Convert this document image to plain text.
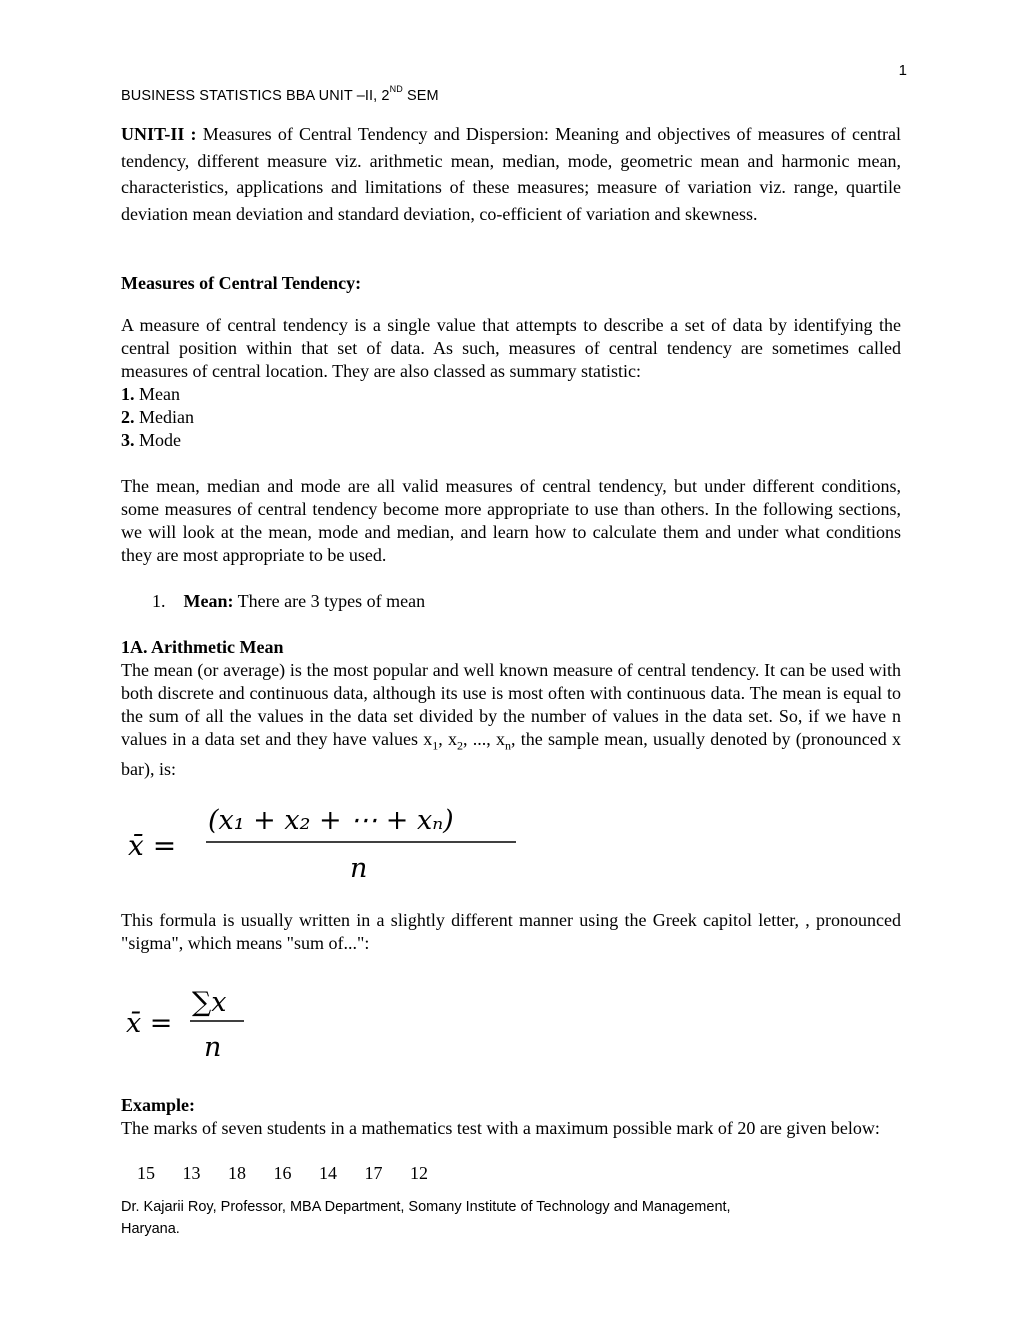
1
BUSINESS STATISTICS BBA UNIT –II, 2ND SEM
UNIT-II : Measures of Central Tendency and Dispersion: Meaning and objectives of measures of central tendency, different measure viz. arithmetic mean, median, mode, geometric mean and harmonic mean, characteristics, applications and limitations of these measures; measure of variation viz. range, quartile deviation mean deviation and standard deviation, co-efficient of variation and skewness.
Measures of Central Tendency:
A measure of central tendency is a single value that attempts to describe a set of data by identifying the central position within that set of data. As such, measures of central tendency are sometimes called measures of central location. They are also classed as summary statistic:
1. Mean
2. Median
3. Mode
The mean, median and mode are all valid measures of central tendency, but under different conditions, some measures of central tendency become more appropriate to use than others. In the following sections, we will look at the mean, mode and median, and learn how to calculate them and under what conditions they are most appropriate to be used.
1. Mean: There are 3 types of mean
1A. Arithmetic Mean
The mean (or average) is the most popular and well known measure of central tendency. It can be used with both discrete and continuous data, although its use is most often with continuous data. The mean is equal to the sum of all the values in the data set divided by the number of values in the data set. So, if we have n values in a data set and they have values $x_1$, $x_2$, ..., $x_n$, the sample mean, usually denoted by (pronounced x bar), is:
x̄ =
(x₁ + x₂ + ⋯ + xₙ)
n
This formula is usually written in a slightly different manner using the Greek capitol letter, , pronounced "sigma", which means "sum of...":
x̄ =
∑x
n
Example:
The marks of seven students in a mathematics test with a maximum possible mark of 20 are given below:
15	13	18	16	14	17	12
Dr. Kajarii Roy, Professor, MBA Department, Somany Institute of Technology and Management,
Haryana.
